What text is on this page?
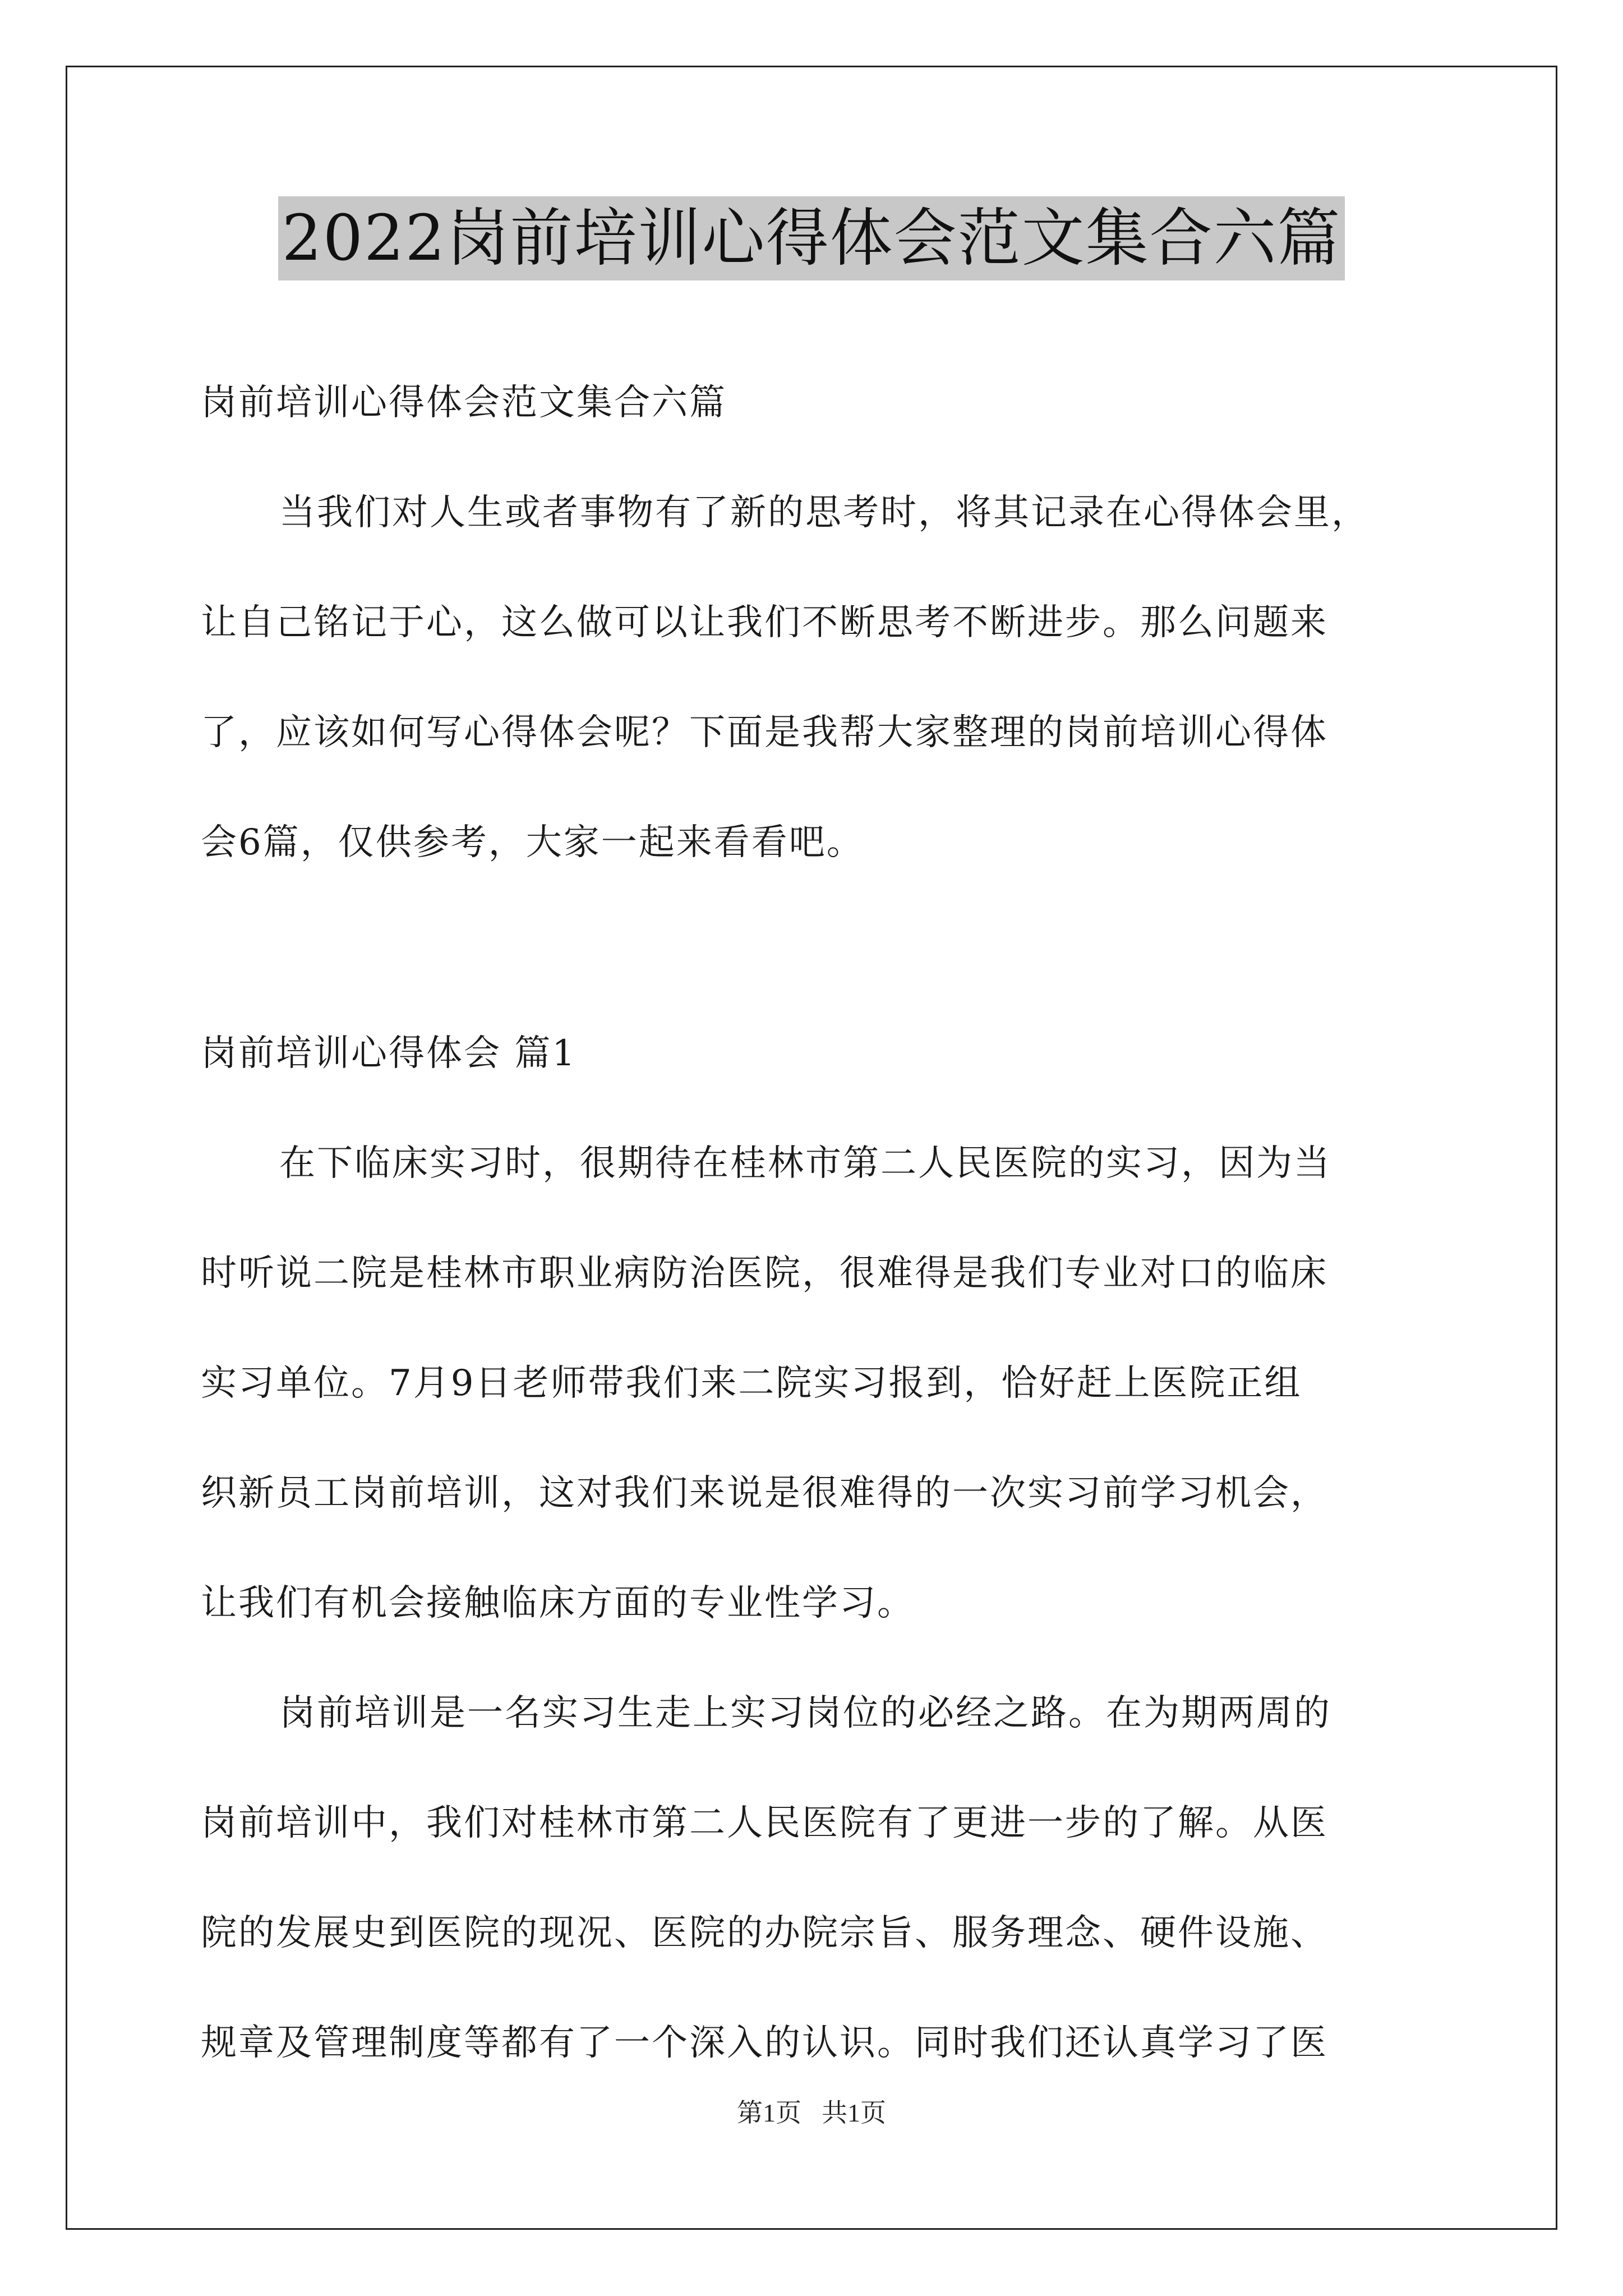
2022岗前培训心得体会范文集合六篇
岗前培训心得体会范文集合六篇
当我们对人生或者事物有了新的思考时，将其记录在心得体会里，
让自己铭记于心，这么做可以让我们不断思考不断进步。那么问题来
了，应该如何写心得体会呢？下面是我帮大家整理的岗前培训心得体
会6篇，仅供参考，大家一起来看看吧。
岗前培训心得体会 篇1
在下临床实习时，很期待在桂林市第二人民医院的实习，因为当
时听说二院是桂林市职业病防治医院，很难得是我们专业对口的临床
实习单位。7月9日老师带我们来二院实习报到，恰好赶上医院正组
织新员工岗前培训，这对我们来说是很难得的一次实习前学习机会，
让我们有机会接触临床方面的专业性学习。
岗前培训是一名实习生走上实习岗位的必经之路。在为期两周的
岗前培训中，我们对桂林市第二人民医院有了更进一步的了解。从医
院的发展史到医院的现况、医院的办院宗旨、服务理念、硬件设施、
规章及管理制度等都有了一个深入的认识。同时我们还认真学习了医
第1页 共1页
